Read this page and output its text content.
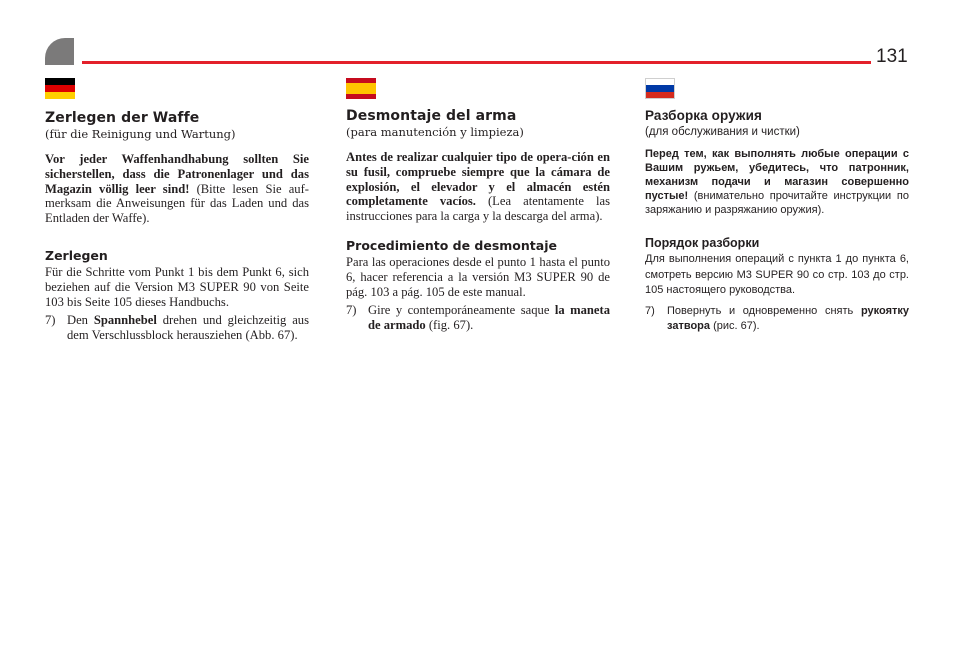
131
Zerlegen der Waffe

(für die Reinigung und Wartung)

Vor jeder Waffenhandhabung sollten Sie sicherstellen, dass die Patronenlager und das Magazin völlig leer sind! (Bitte lesen Sie auf-merksam die Anweisungen für das Laden und das Entladen der Waffe).

Zerlegen

Für die Schritte vom Punkt 1 bis dem Punkt 6, sich beziehen auf die Version M3 SUPER 90 von Seite 103 bis Seite 105 dieses Handbuchs.

7) Den Spannhebel drehen und gleichzeitig aus dem Verschlussblock herausziehen (Abb. 67).
Desmontaje del arma

(para manutención y limpieza)

Antes de realizar cualquier tipo de opera-ción en su fusil, compruebe siempre que la cámara de explosión, el elevador y el almacén estén completamente vacíos. (Lea atentamente las instrucciones para la carga y la descarga del arma).

Procedimiento de desmontaje

Para las operaciones desde el punto 1 hasta el punto 6, hacer referencia a la versión M3 SUPER 90 de pág. 103 a pág. 105 de este manual.

7) Gire y contemporáneamente saque la maneta de armado (fig. 67).
Разборка оружия

(для обслуживания и чистки)

Перед тем, как выполнять любые операции с Вашим ружьем, убедитесь, что патронник, механизм подачи и магазин совершенно пустые! (внимательно прочитайте инструкции по заряжанию и разряжанию оружия).

Порядок разборки

Для выполнения операций с пункта 1 до пункта 6, смотреть версию M3 SUPER 90 со стр. 103 до стр. 105 настоящего руководства.

7)	Повернуть и одновременно снять рукоятку затвора (рис. 67).
